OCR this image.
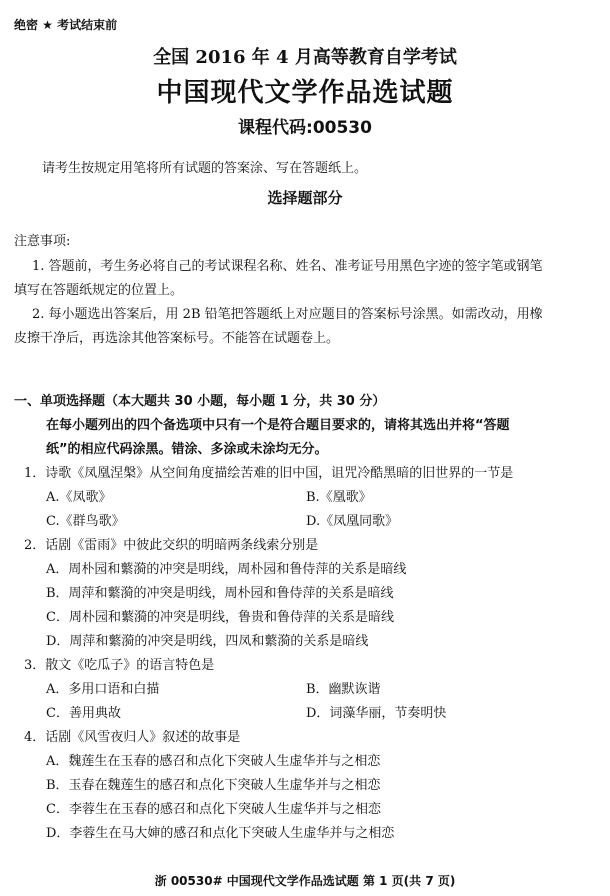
绝密 ★ 考试结束前
全国 2016 年 4 月高等教育自学考试
中国现代文学作品选试题
课程代码:00530
请考生按规定用笔将所有试题的答案涂、写在答题纸上。
选择题部分
注意事项:
1. 答题前，考生务必将自己的考试课程名称、姓名、准考证号用黑色字迹的签字笔或钢笔
填写在答题纸规定的位置上。
2. 每小题选出答案后，用 2B 铅笔把答题纸上对应题目的答案标号涂黑。如需改动，用橡
皮擦干净后，再选涂其他答案标号。不能答在试题卷上。
一、单项选择题（本大题共 30 小题，每小题 1 分，共 30 分）
在每小题列出的四个备选项中只有一个是符合题目要求的，请将其选出并将“答题
纸”的相应代码涂黑。错涂、多涂或未涂均无分。
1．诗歌《凤凰涅槃》从空间角度描绘苦难的旧中国，诅咒冷酷黑暗的旧世界的一节是
A.《凤歌》	B.《凰歌》
C.《群鸟歌》	D.《凤凰同歌》
2．话剧《雷雨》中彼此交织的明暗两条线索分别是
A．周朴园和蘩漪的冲突是明线，周朴园和鲁侍萍的关系是暗线
B．周萍和蘩漪的冲突是明线，周朴园和鲁侍萍的关系是暗线
C．周朴园和蘩漪的冲突是明线，鲁贵和鲁侍萍的关系是暗线
D．周萍和蘩漪的冲突是明线，四凤和蘩漪的关系是暗线
3．散文《吃瓜子》的语言特色是
A．多用口语和白描	B．幽默诙谐
C．善用典故	D．词藻华丽，节奏明快
4．话剧《风雪夜归人》叙述的故事是
A．魏莲生在玉春的感召和点化下突破人生虚华并与之相恋
B．玉春在魏莲生的感召和点化下突破人生虚华并与之相恋
C．李蓉生在玉春的感召和点化下突破人生虚华并与之相恋
D．李蓉生在马大婶的感召和点化下突破人生虚华并与之相恋
浙 00530# 中国现代文学作品选试题 第 1 页(共 7 页)
